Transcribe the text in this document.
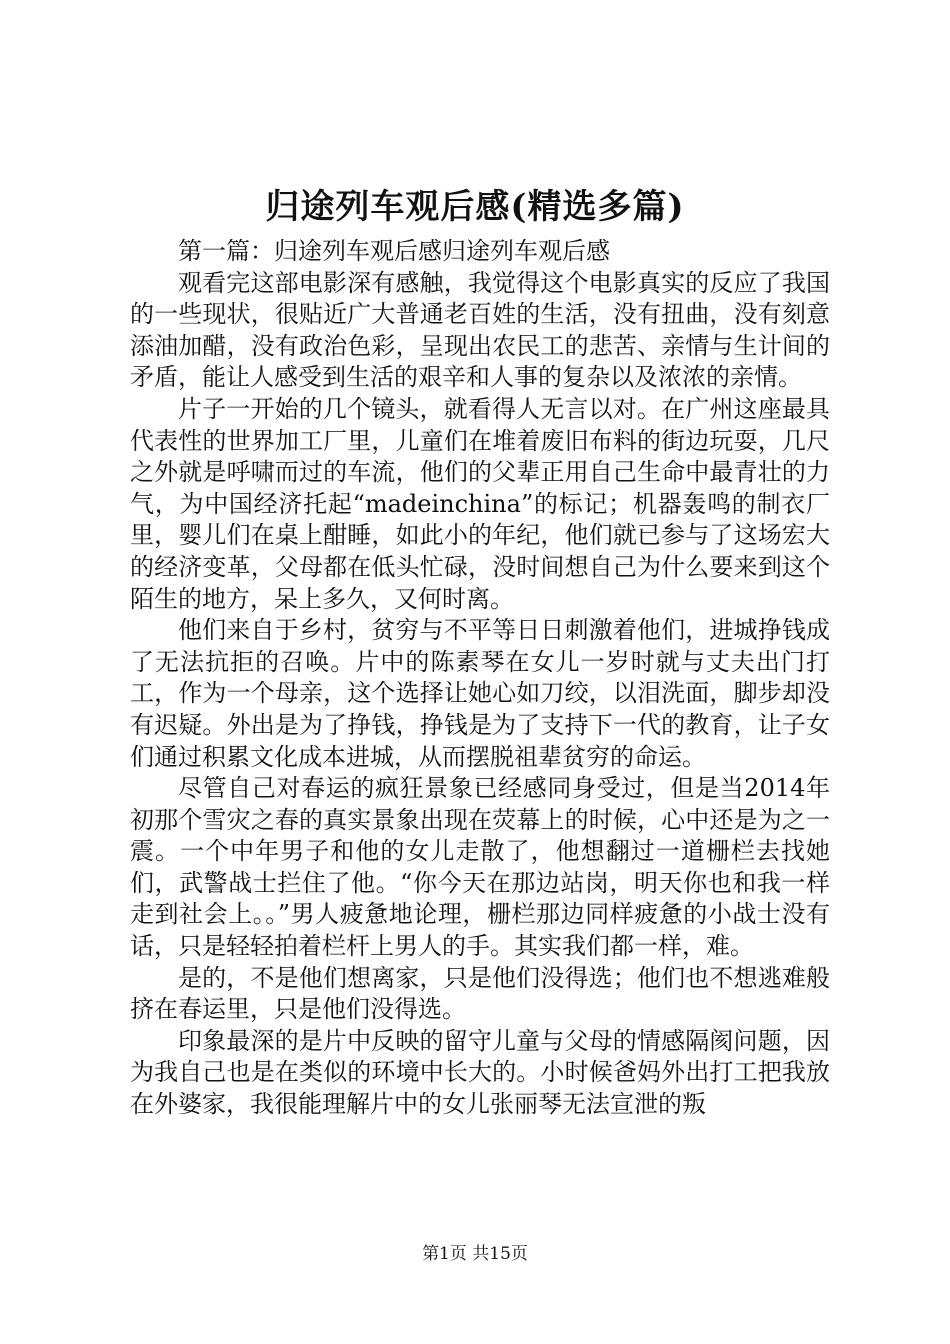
归途列车观后感(精选多篇)

第一篇：归途列车观后感归途列车观后感

观看完这部电影深有感触，我觉得这个电影真实的反应了我国的一些现状，很贴近广大普通老百姓的生活，没有扭曲，没有刻意添油加醋，没有政治色彩，呈现出农民工的悲苦、亲情与生计间的矛盾，能让人感受到生活的艰辛和人事的复杂以及浓浓的亲情。

片子一开始的几个镜头，就看得人无言以对。在广州这座最具代表性的世界加工厂里，儿童们在堆着废旧布料的街边玩耍，几尺之外就是呼啸而过的车流，他们的父辈正用自己生命中最青壮的力气，为中国经济托起“madeinchina”的标记；机器轰鸣的制衣厂里，婴儿们在桌上酣睡，如此小的年纪，他们就已参与了这场宏大的经济变革，父母都在低头忙碌，没时间想自己为什么要来到这个陌生的地方，呆上多久，又何时离。

他们来自于乡村，贫穷与不平等日日刺激着他们，进城挣钱成了无法抗拒的召唤。片中的陈素琴在女儿一岁时就与丈夫出门打工，作为一个母亲，这个选择让她心如刀绞，以泪洗面，脚步却没有迟疑。外出是为了挣钱，挣钱是为了支持下一代的教育，让子女们通过积累文化成本进城，从而摆脱祖辈贫穷的命运。

尽管自己对春运的疯狂景象已经感同身受过，但是当2014年初那个雪灾之春的真实景象出现在荧幕上的时候，心中还是为之一震。一个中年男子和他的女儿走散了，他想翻过一道栅栏去找她们，武警战士拦住了他。“你今天在那边站岗，明天你也和我一样走到社会上。。”男人疲惫地论理，栅栏那边同样疲惫的小战士没有话，只是轻轻拍着栏杆上男人的手。其实我们都一样，难。

是的，不是他们想离家，只是他们没得选；他们也不想逃难般挤在春运里，只是他们没得选。

印象最深的是片中反映的留守儿童与父母的情感隔阂问题，因为我自己也是在类似的环境中长大的。小时候爸妈外出打工把我放在外婆家，我很能理解片中的女儿张丽琴无法宣泄的叛

第1页 共15页
